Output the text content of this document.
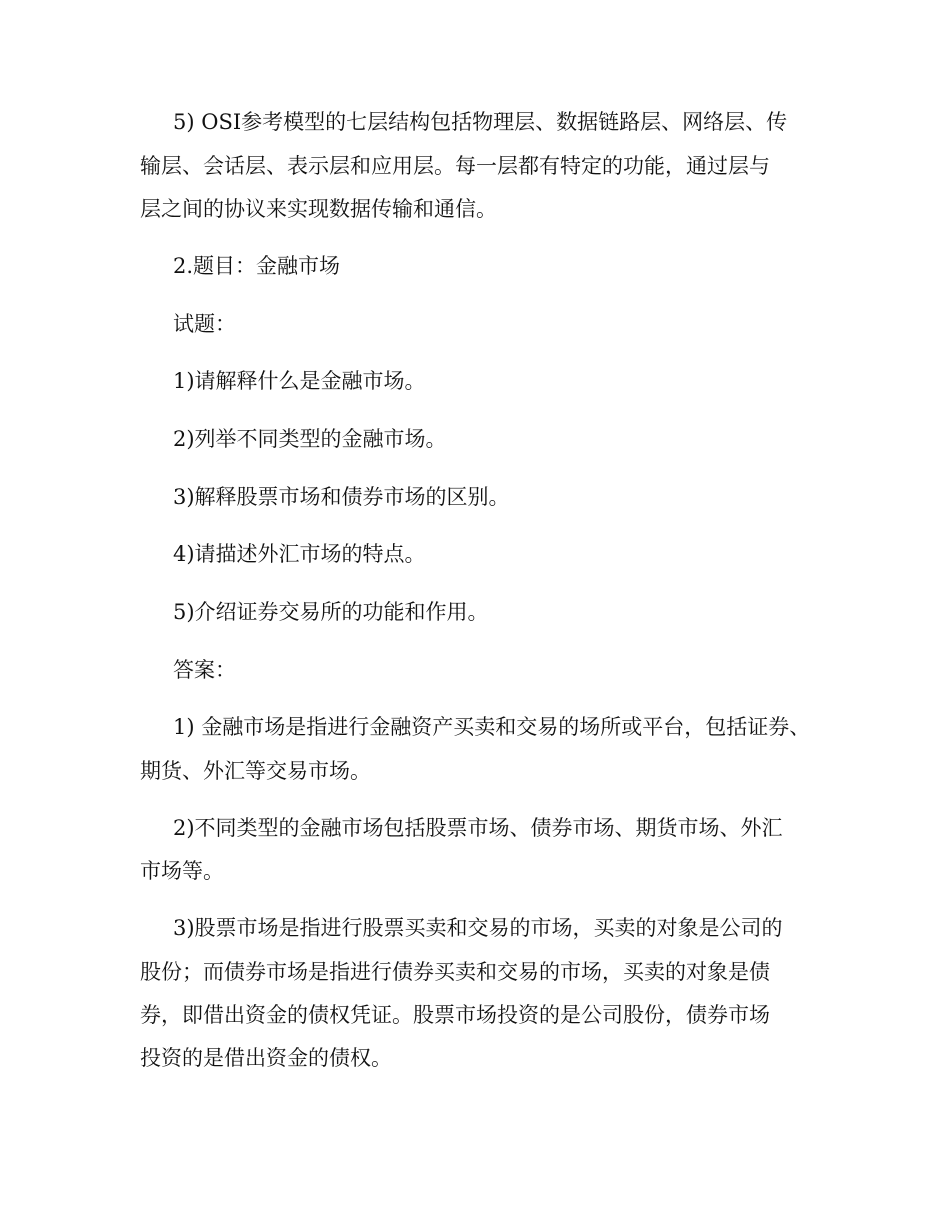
5) OSI参考模型的七层结构包括物理层、数据链路层、网络层、传
输层、会话层、表示层和应用层。每一层都有特定的功能，通过层与
层之间的协议来实现数据传输和通信。
2.题目：金融市场
试题：
1)请解释什么是金融市场。
2)列举不同类型的金融市场。
3)解释股票市场和债券市场的区别。
4)请描述外汇市场的特点。
5)介绍证券交易所的功能和作用。
答案：
1) 金融市场是指进行金融资产买卖和交易的场所或平台，包括证券、
期货、外汇等交易市场。
2)不同类型的金融市场包括股票市场、债券市场、期货市场、外汇
市场等。
3)股票市场是指进行股票买卖和交易的市场，买卖的对象是公司的
股份；而债券市场是指进行债券买卖和交易的市场，买卖的对象是债
券，即借出资金的债权凭证。股票市场投资的是公司股份，债券市场
投资的是借出资金的债权。
